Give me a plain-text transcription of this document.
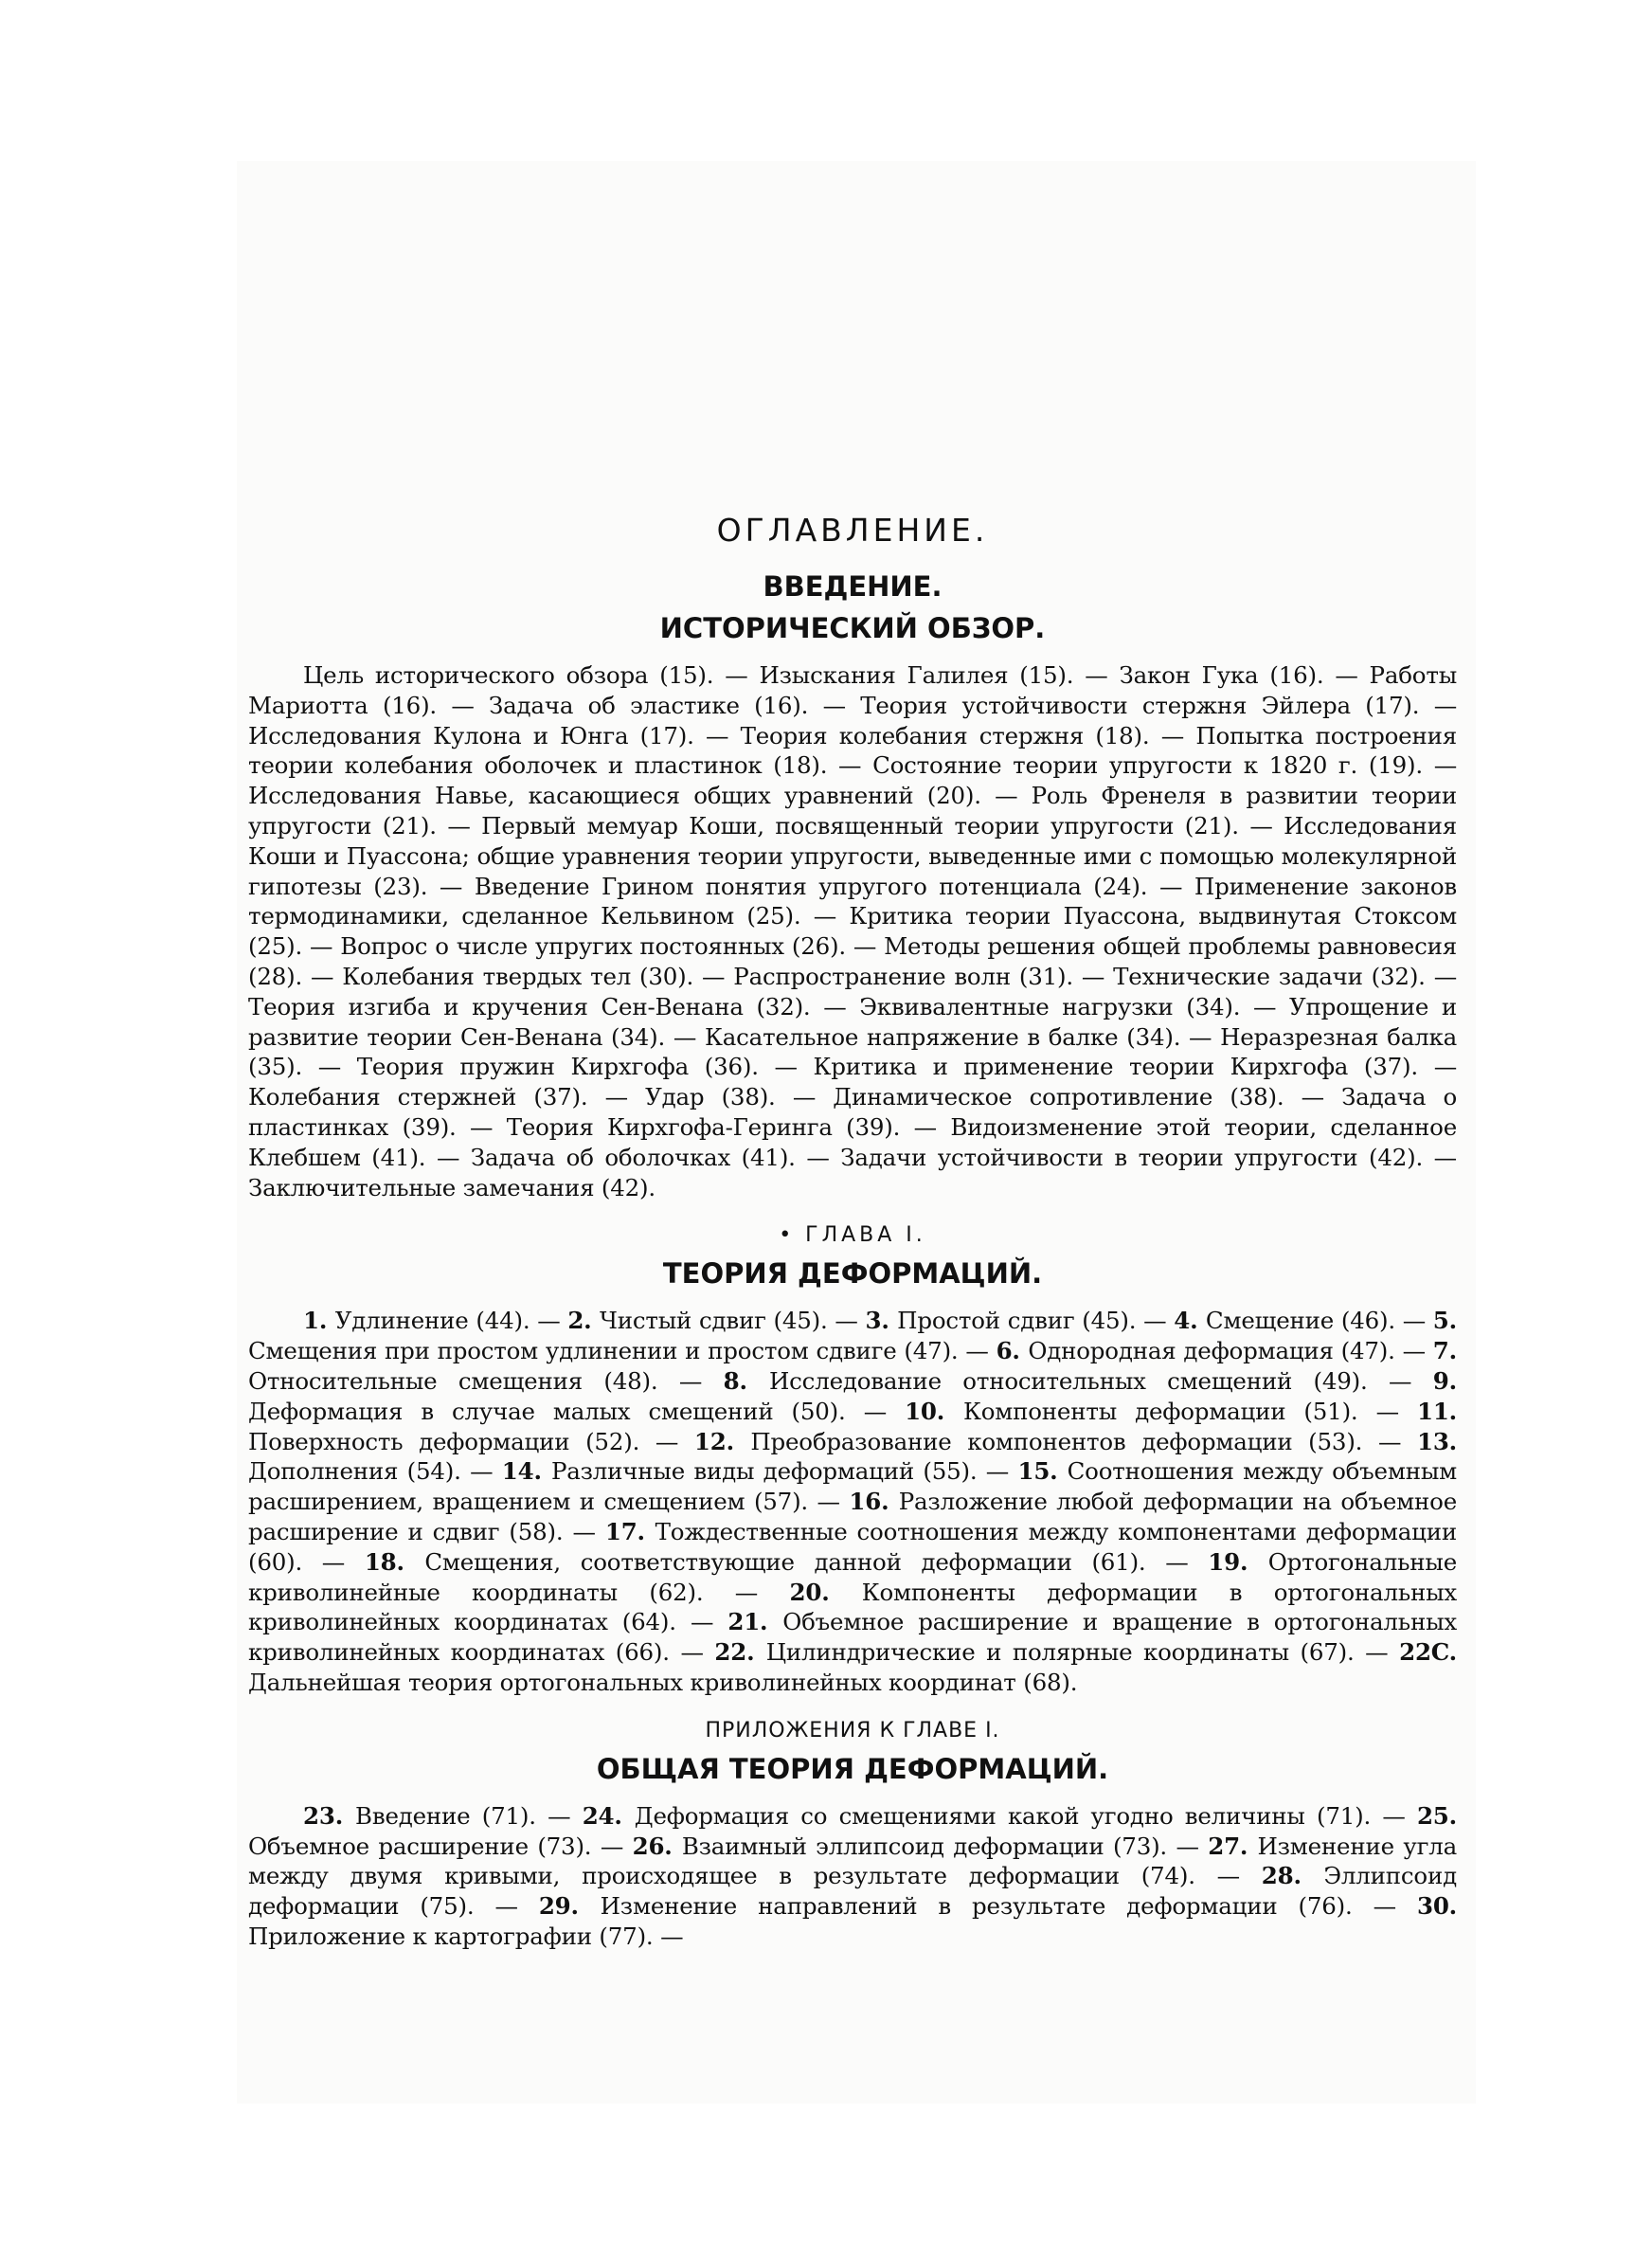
ОГЛАВЛЕНИЕ.
ВВЕДЕНИЕ.
ИСТОРИЧЕСКИЙ ОБЗОР.

Цель исторического обзора (15). — Изыскания Галилея (15). — Закон Гука (16). — Работы Мариотта (16). — Задача об эластике (16). — Теория устойчивости стержня Эйлера (17). — Исследования Кулона и Юнга (17). — Теория колебания стержня (18). — Попытка построения теории колебания оболочек и пластинок (18). — Состояние теории упругости к 1820 г. (19). — Исследования Навье, касающиеся общих уравнений (20). — Роль Френеля в развитии теории упругости (21). — Первый мемуар Коши, посвященный теории упругости (21). — Исследования Коши и Пуассона; общие уравнения теории упругости, выведенные ими с помощью молекулярной гипотезы (23). — Введение Грином понятия упругого потенциала (24). — Применение законов термодинамики, сделанное Кельвином (25). — Критика теории Пуассона, выдвинутая Стоксом (25). — Вопрос о числе упругих постоянных (26). — Методы решения общей проблемы равновесия (28). — Колебания твердых тел (30). — Распространение волн (31). — Технические задачи (32). — Теория изгиба и кручения Сен-Венана (32). — Эквивалентные нагрузки (34). — Упрощение и развитие теории Сен-Венана (34). — Касательное напряжение в балке (34). — Неразрезная балка (35). — Теория пружин Кирхгофа (36). — Критика и применение теории Кирхгофа (37). — Колебания стержней (37). — Удар (38). — Динамическое сопротивление (38). — Задача о пластинках (39). — Теория Кирхгофа-Геринга (39). — Видоизменение этой теории, сделанное Клебшем (41). — Задача об оболочках (41). — Задачи устойчивости в теории упругости (42). — Заключительные замечания (42).

• ГЛАВА I.
ТЕОРИЯ ДЕФОРМАЦИЙ.

1. Удлинение (44). — 2. Чистый сдвиг (45). — 3. Простой сдвиг (45). — 4. Смещение (46). — 5. Смещения при простом удлинении и простом сдвиге (47). — 6. Однородная деформация (47). — 7. Относительные смещения (48). — 8. Исследование относительных смещений (49). — 9. Деформация в случае малых смещений (50). — 10. Компоненты деформации (51). — 11. Поверхность деформации (52). — 12. Преобразование компонентов деформации (53). — 13. Дополнения (54). — 14. Различные виды деформаций (55). — 15. Соотношения между объемным расширением, вращением и смещением (57). — 16. Разложение любой деформации на объемное расширение и сдвиг (58). — 17. Тождественные соотношения между компонентами деформации (60). — 18. Смещения, соответствующие данной деформации (61). — 19. Ортогональные криволинейные координаты (62). — 20. Компоненты деформации в ортогональных криволинейных координатах (64). — 21. Объемное расширение и вращение в ортогональных криволинейных координатах (66). — 22. Цилиндрические и полярные координаты (67). — 22C. Дальнейшая теория ортогональных криволинейных координат (68).

ПРИЛОЖЕНИЯ К ГЛАВЕ I.
ОБЩАЯ ТЕОРИЯ ДЕФОРМАЦИЙ.

23. Введение (71). — 24. Деформация со смещениями какой угодно величины (71). — 25. Объемное расширение (73). — 26. Взаимный эллипсоид деформации (73). — 27. Изменение угла между двумя кривыми, происходящее в результате деформации (74). — 28. Эллипсоид деформации (75). — 29. Изменение направлений в результате деформации (76). — 30. Приложение к картографии (77). —
